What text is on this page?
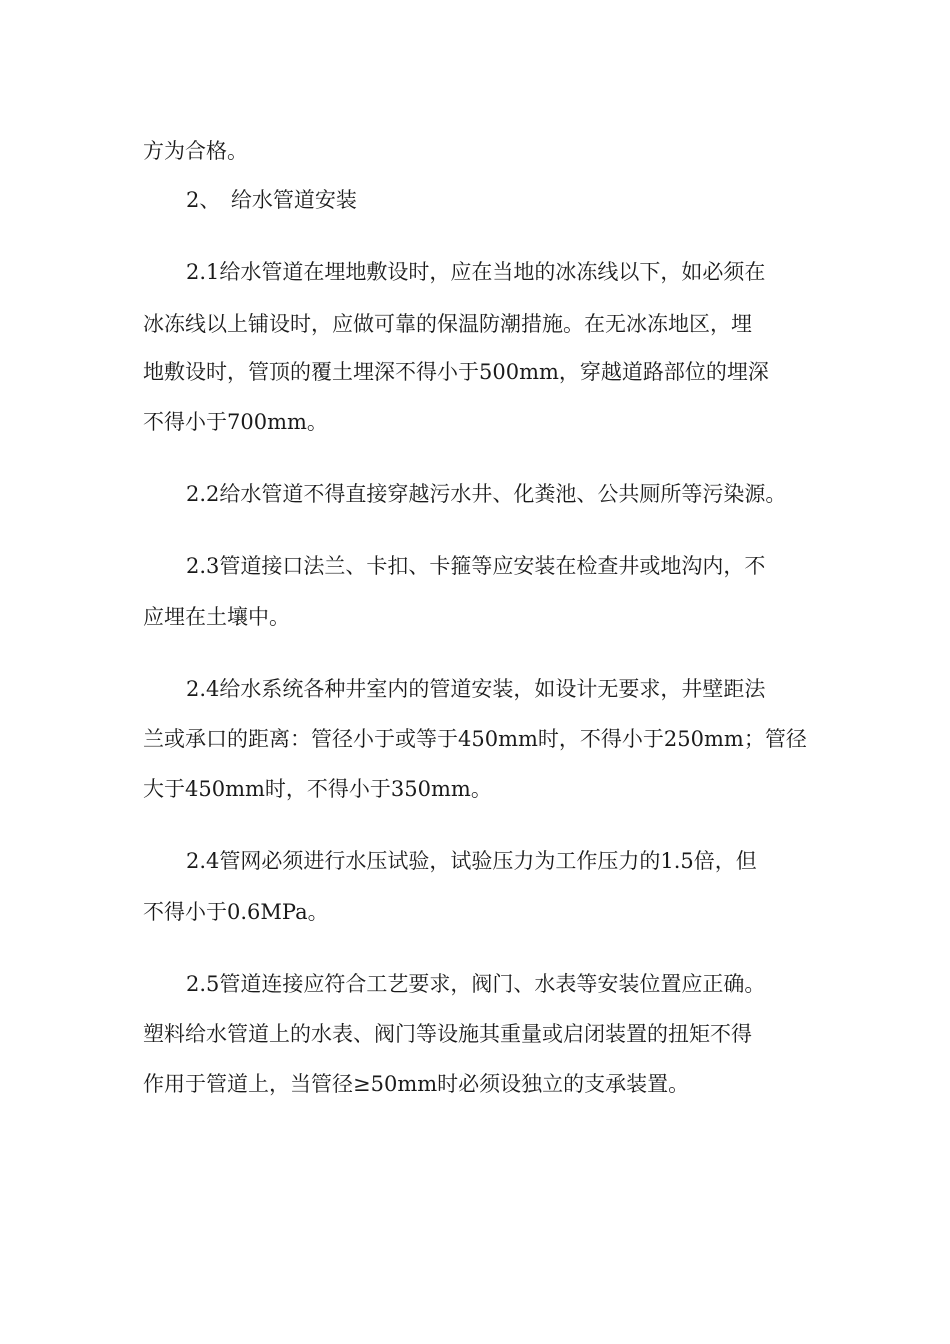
方为合格。
2、　给水管道安装
2.1给水管道在埋地敷设时，应在当地的冰冻线以下，如必须在
冰冻线以上铺设时，应做可靠的保温防潮措施。在无冰冻地区，埋
地敷设时，管顶的覆土埋深不得小于500mm，穿越道路部位的埋深
不得小于700mm。
2.2给水管道不得直接穿越污水井、化粪池、公共厕所等污染源。
2.3管道接口法兰、卡扣、卡箍等应安装在检查井或地沟内，不
应埋在土壤中。
2.4给水系统各种井室内的管道安装，如设计无要求，井壁距法
兰或承口的距离：管径小于或等于450mm时，不得小于250mm；管径
大于450mm时，不得小于350mm。
2.4管网必须进行水压试验，试验压力为工作压力的1.5倍，但
不得小于0.6MPa。
2.5管道连接应符合工艺要求，阀门、水表等安装位置应正确。
塑料给水管道上的水表、阀门等设施其重量或启闭装置的扭矩不得
作用于管道上，当管径≥50mm时必须设独立的支承装置。
